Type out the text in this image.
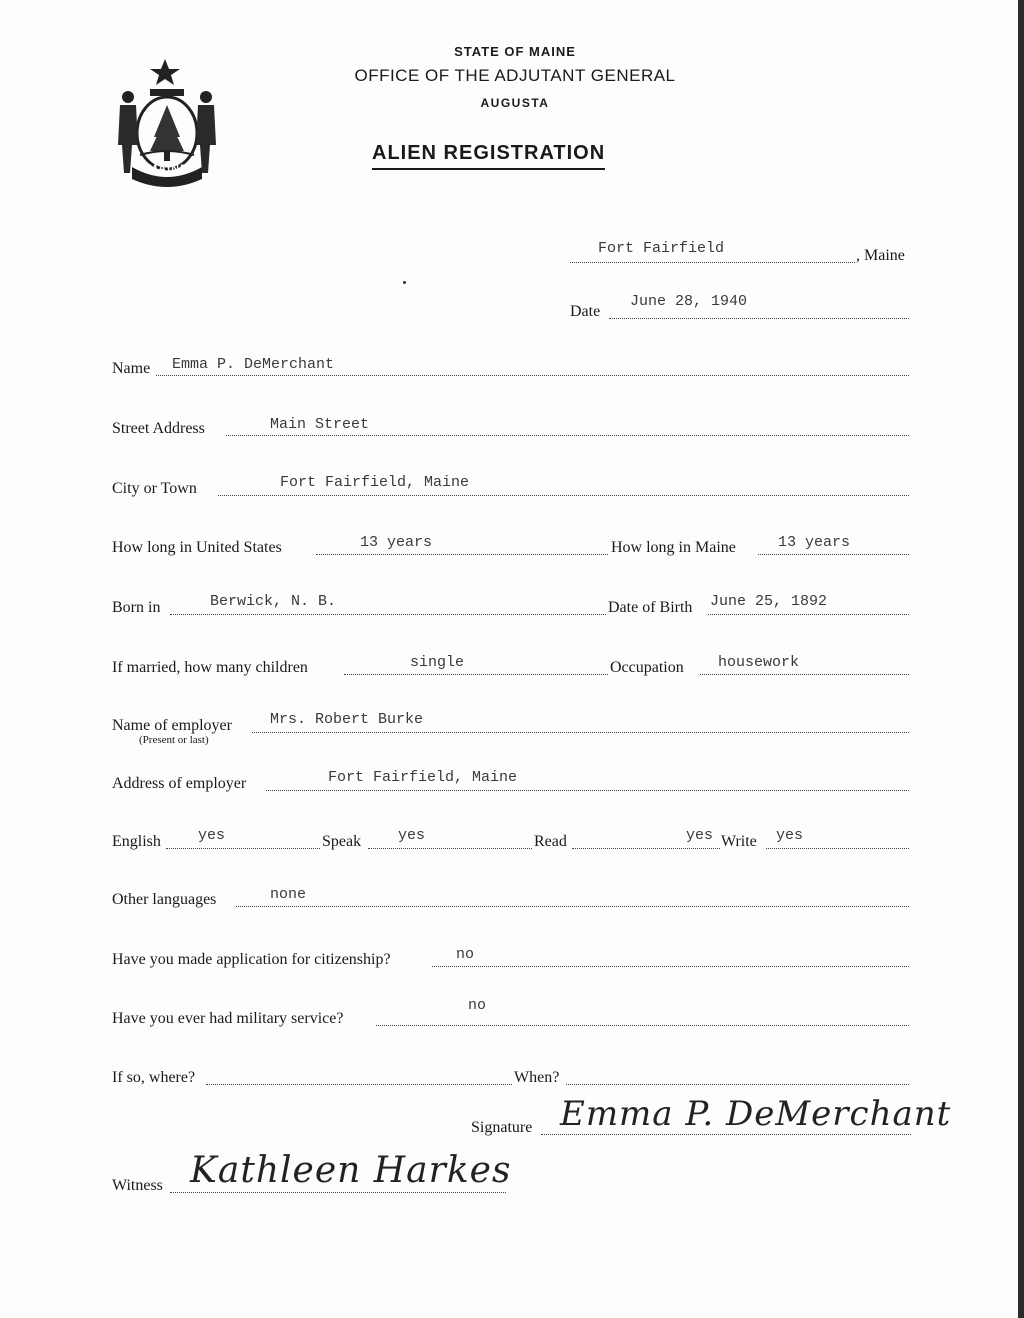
MAINE
STATE OF MAINE
OFFICE OF THE ADJUTANT GENERAL
AUGUSTA
ALIEN REGISTRATION
Fort Fairfield	, Maine
Date
June 28, 1940
Name Emma P. DeMerchant
Street Address	Main Street
City or Town	Fort Fairfield, Maine
How long in United States	13 years	How long in Maine	13 years
Born in	Berwick, N. B.	Date of Birth June 25, 1892
If married, how many children	single	Occupation housework
Name of employer
(Present or last)
Mrs. Robert Burke
Address of employer	Fort Fairfield, Maine
English yes	Speak yes	Read	yes Write yes
Other languages	none
Have you made application for citizenship?	no
Have you ever had military service?
no
If so, where?	When?
Signature Emma P. DeMerchant
Witness Kathleen Harkes
